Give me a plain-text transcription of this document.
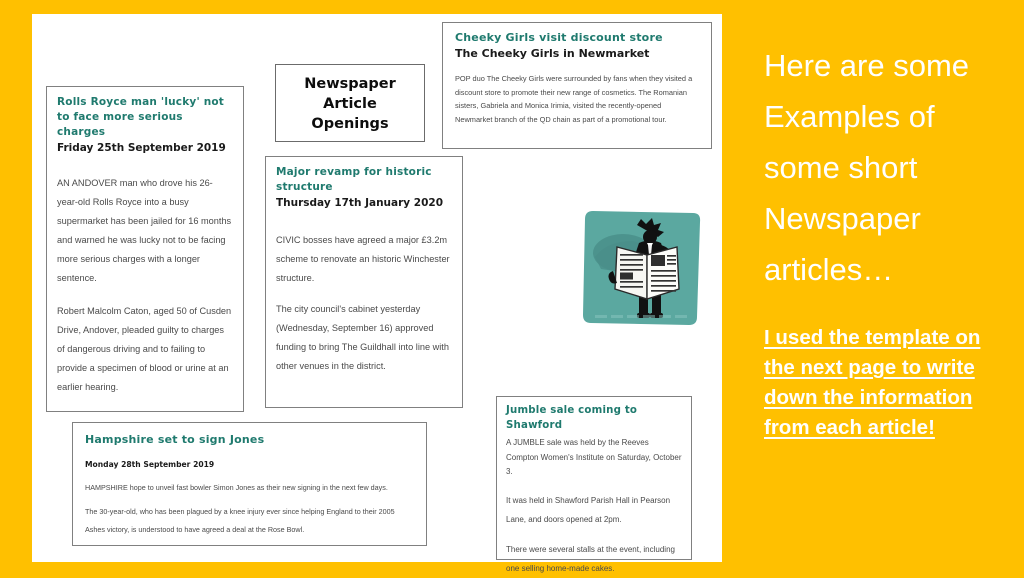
Rolls Royce man 'lucky' not to face more serious charges
Friday 25th September 2019

AN ANDOVER man who drove his 26-year-old Rolls Royce into a busy supermarket has been jailed for 16 months and warned he was lucky not to be facing more serious charges with a longer sentence.

Robert Malcolm Caton, aged 50 of Cusden Drive, Andover, pleaded guilty to charges of dangerous driving and to failing to provide a specimen of blood or urine at an earlier hearing.

Newspaper
Article
Openings
Major revamp for historic structure
Thursday 17th January 2020

CIVIC bosses have agreed a major £3.2m scheme to renovate an historic Winchester structure.

The city council's cabinet yesterday (Wednesday, September 16) approved funding to bring The Guildhall into line with other venues in the district.

Cheeky Girls visit discount store
The Cheeky Girls in Newmarket

POP duo The Cheeky Girls were surrounded by fans when they visited a discount store to promote their new range of cosmetics. The Romanian sisters, Gabriela and Monica Irimia, visited the recently-opened Newmarket branch of the QD chain as part of a promotional tour.

Hampshire set to sign Jones
Monday 28th September 2019

HAMPSHIRE hope to unveil fast bowler Simon Jones as their new signing in the next few days.

The 30-year-old, who has been plagued by a knee injury ever since helping England to their 2005 Ashes victory, is understood to have agreed a deal at the Rose Bowl.

Jumble sale coming to Shawford

A JUMBLE sale was held by the Reeves Compton Women's Institute on Saturday, October 3.

It was held in Shawford Parish Hall in Pearson Lane, and doors opened at 2pm.

There were several stalls at the event, including one selling home-made cakes.

Here are some Examples of some short Newspaper articles…
I used the template on the next page to write down the information from each article!
